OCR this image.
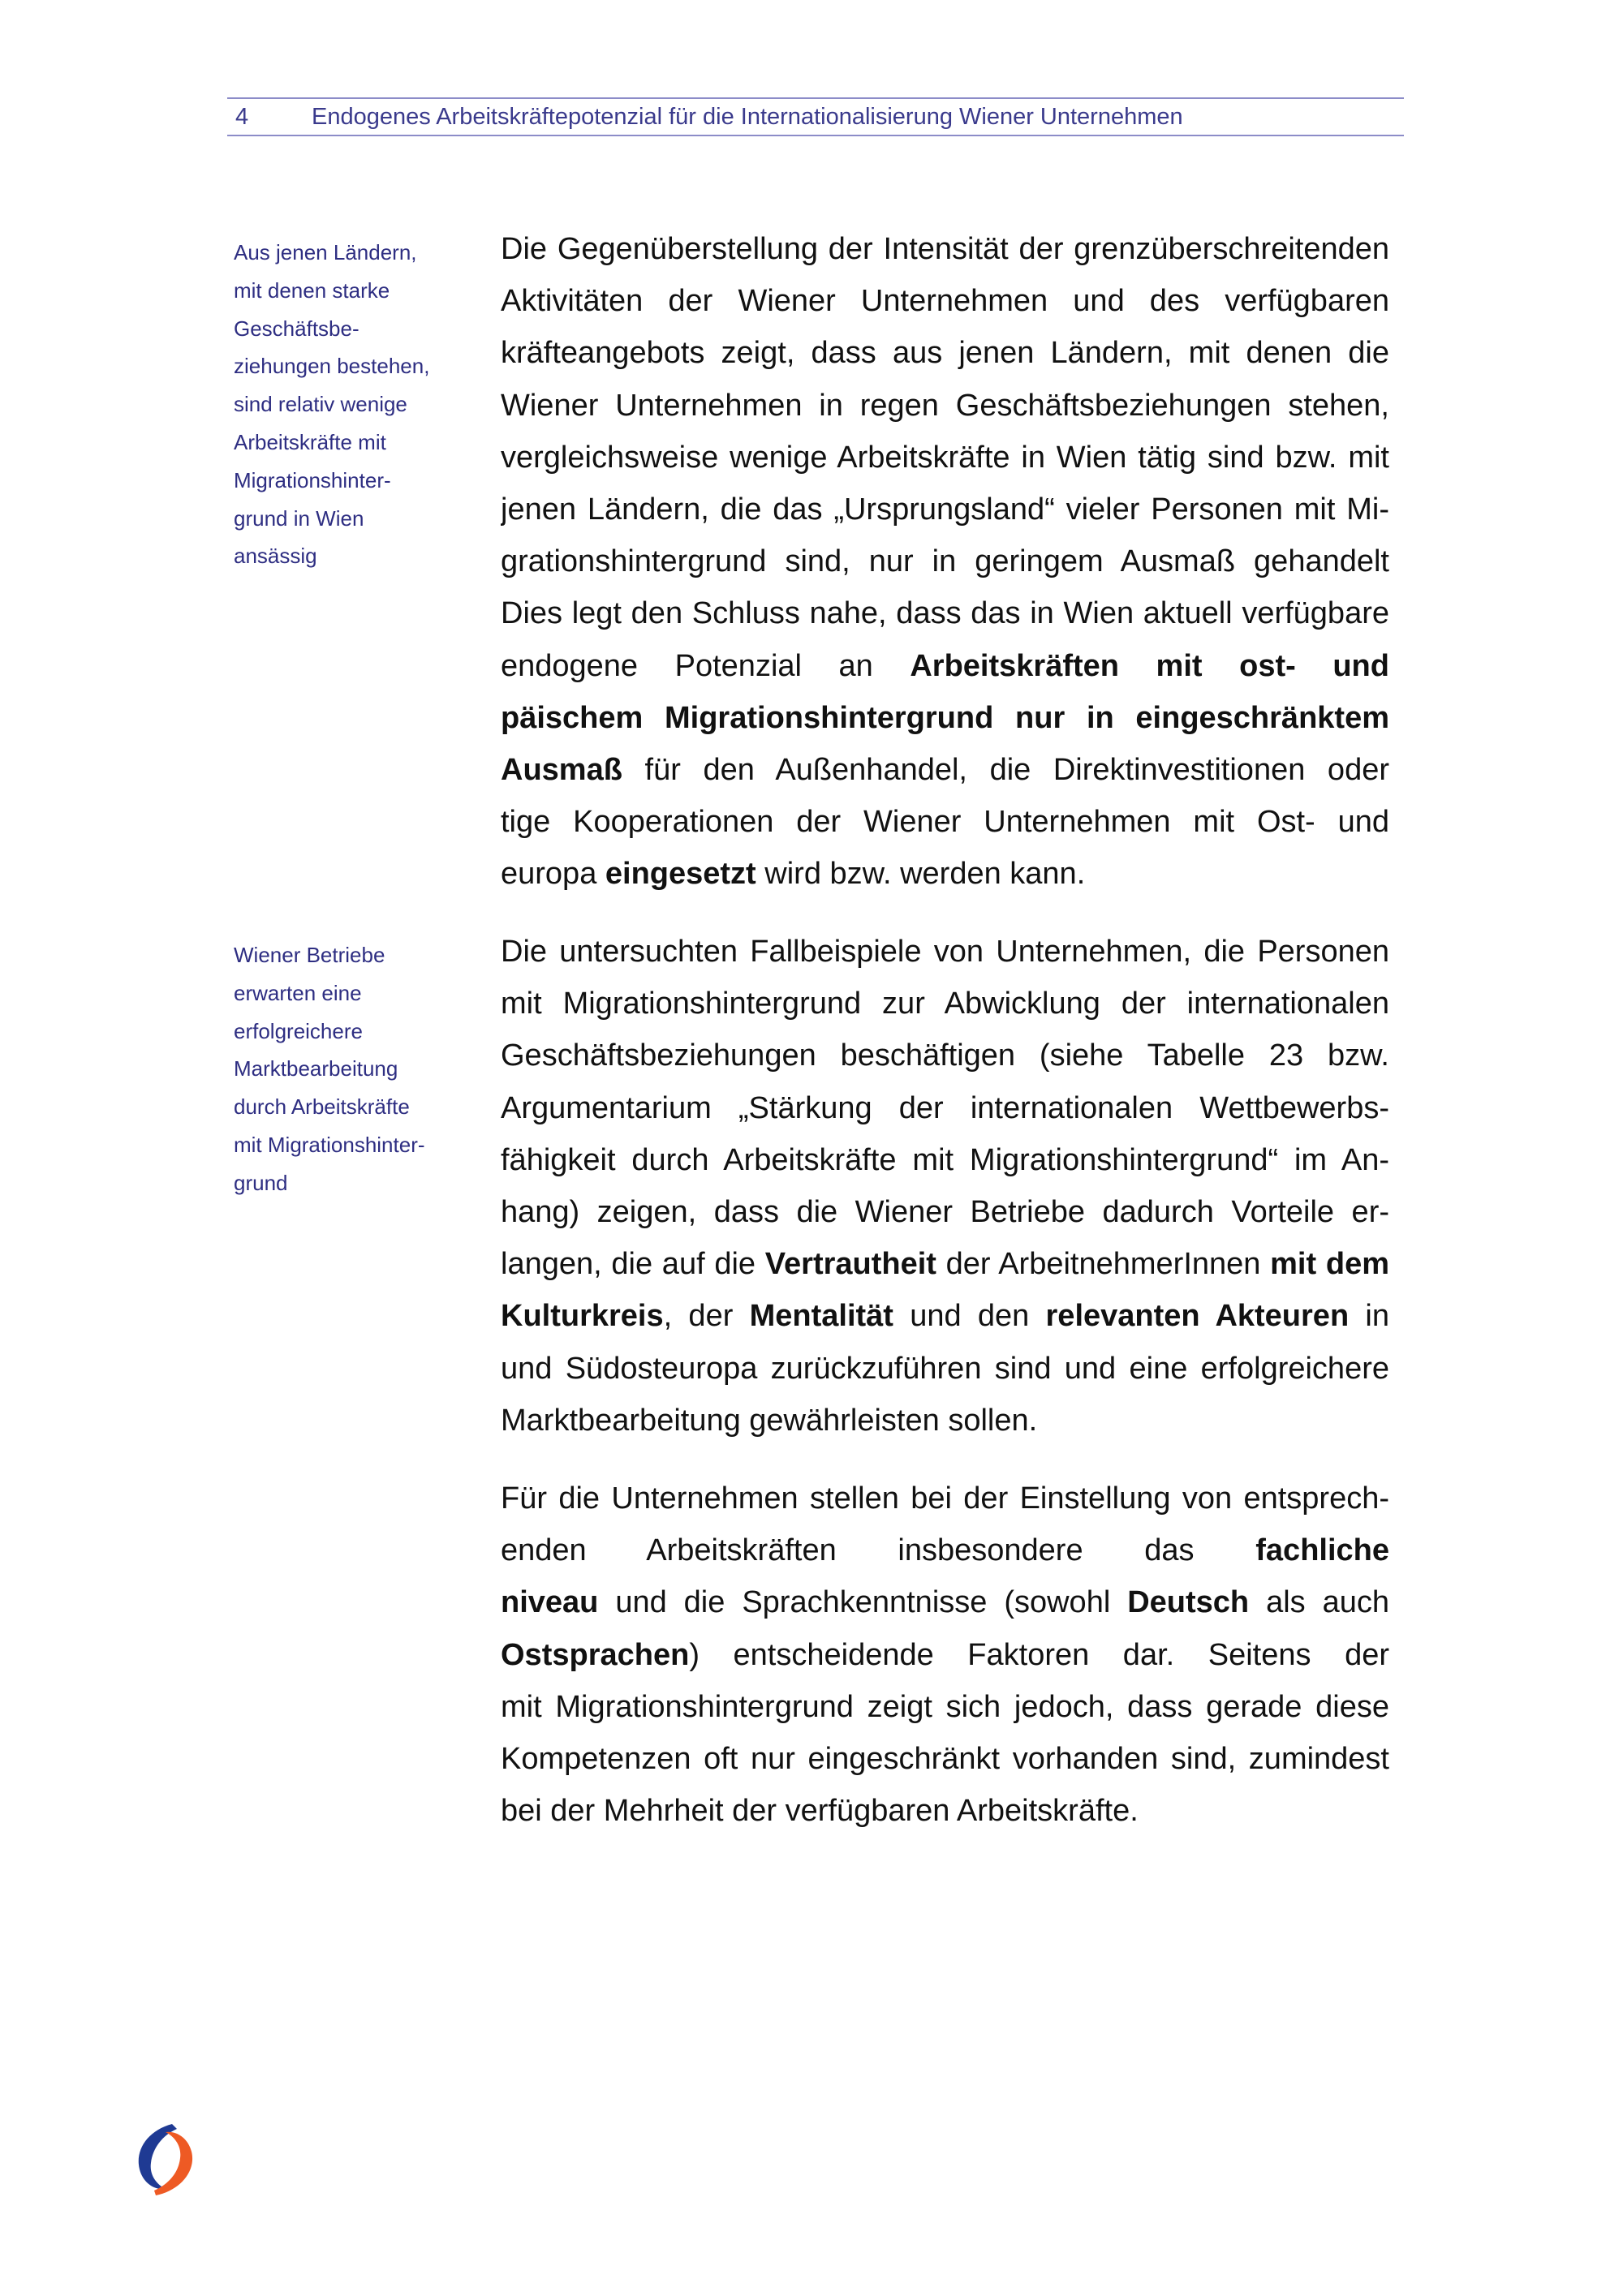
4	Endogenes Arbeitskräftepotenzial für die Internationalisierung Wiener Unternehmen
Aus jenen Ländern,
mit denen starke
Geschäftsbe-
ziehungen bestehen,
sind relativ wenige
Arbeitskräfte mit
Migrationshinter-
grund in Wien
ansässig
Wiener Betriebe
erwarten eine
erfolgreichere
Marktbearbeitung
durch Arbeitskräfte
mit Migrationshinter-
grund
Die Gegenüberstellung der Intensität der grenzüberschreitenden
Aktivitäten der Wiener Unternehmen und des verfügbaren
kräfteangebots zeigt, dass aus jenen Ländern, mit denen die
Wiener Unternehmen in regen Geschäftsbeziehungen stehen,
vergleichsweise wenige Arbeitskräfte in Wien tätig sind bzw. mit
jenen Ländern, die das „Ursprungsland“ vieler Personen mit Mi-
grationshintergrund sind, nur in geringem Ausmaß gehandelt
Dies legt den Schluss nahe, dass das in Wien aktuell verfügbare
endogene Potenzial an Arbeitskräften mit ost- und
päischem Migrationshintergrund nur in eingeschränktem
Ausmaß für den Außenhandel, die Direktinvestitionen oder
tige Kooperationen der Wiener Unternehmen mit Ost- und
europa eingesetzt wird bzw. werden kann.
Die untersuchten Fallbeispiele von Unternehmen, die Personen
mit Migrationshintergrund zur Abwicklung der internationalen
Geschäftsbeziehungen beschäftigen (siehe Tabelle 23 bzw.
Argumentarium „Stärkung der internationalen Wettbewerbs-
fähigkeit durch Arbeitskräfte mit Migrationshintergrund“ im An-
hang) zeigen, dass die Wiener Betriebe dadurch Vorteile er-
langen, die auf die Vertrautheit der ArbeitnehmerInnen mit dem
Kulturkreis, der Mentalität und den relevanten Akteuren in
und Südosteuropa zurückzuführen sind und eine erfolgreichere
Marktbearbeitung gewährleisten sollen.
Für die Unternehmen stellen bei der Einstellung von entsprech-
enden Arbeitskräften insbesondere das fachliche
niveau und die Sprachkenntnisse (sowohl Deutsch als auch
Ostsprachen) entscheidende Faktoren dar. Seitens der
mit Migrationshintergrund zeigt sich jedoch, dass gerade diese
Kompetenzen oft nur eingeschränkt vorhanden sind, zumindest
bei der Mehrheit der verfügbaren Arbeitskräfte.
